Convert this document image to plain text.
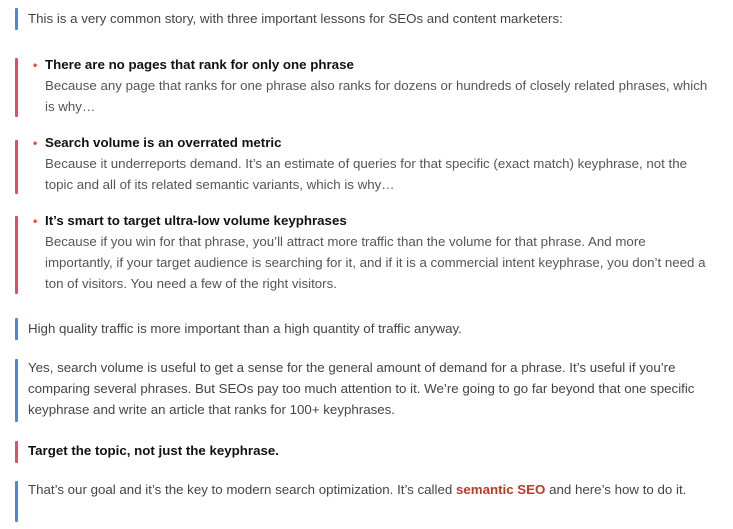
This is a very common story, with three important lessons for SEOs and content marketers:

• There are no pages that rank for only one phrase
Because any page that ranks for one phrase also ranks for dozens or hundreds of closely related phrases, which is why…
• Search volume is an overrated metric
Because it underreports demand. It’s an estimate of queries for that specific (exact match) keyphrase, not the topic and all of its related semantic variants, which is why…
• It’s smart to target ultra-low volume keyphrases
Because if you win for that phrase, you’ll attract more traffic than the volume for that phrase. And more importantly, if your target audience is searching for it, and if it is a commercial intent keyphrase, you don’t need a ton of visitors. You need a few of the right visitors.

High quality traffic is more important than a high quantity of traffic anyway.

Yes, search volume is useful to get a sense for the general amount of demand for a phrase. It’s useful if you’re comparing several phrases. But SEOs pay too much attention to it. We’re going to go far beyond that one specific keyphrase and write an article that ranks for 100+ keyphrases.

Target the topic, not just the keyphrase.

That’s our goal and it’s the key to modern search optimization. It’s called semantic SEO and here’s how to do it.
